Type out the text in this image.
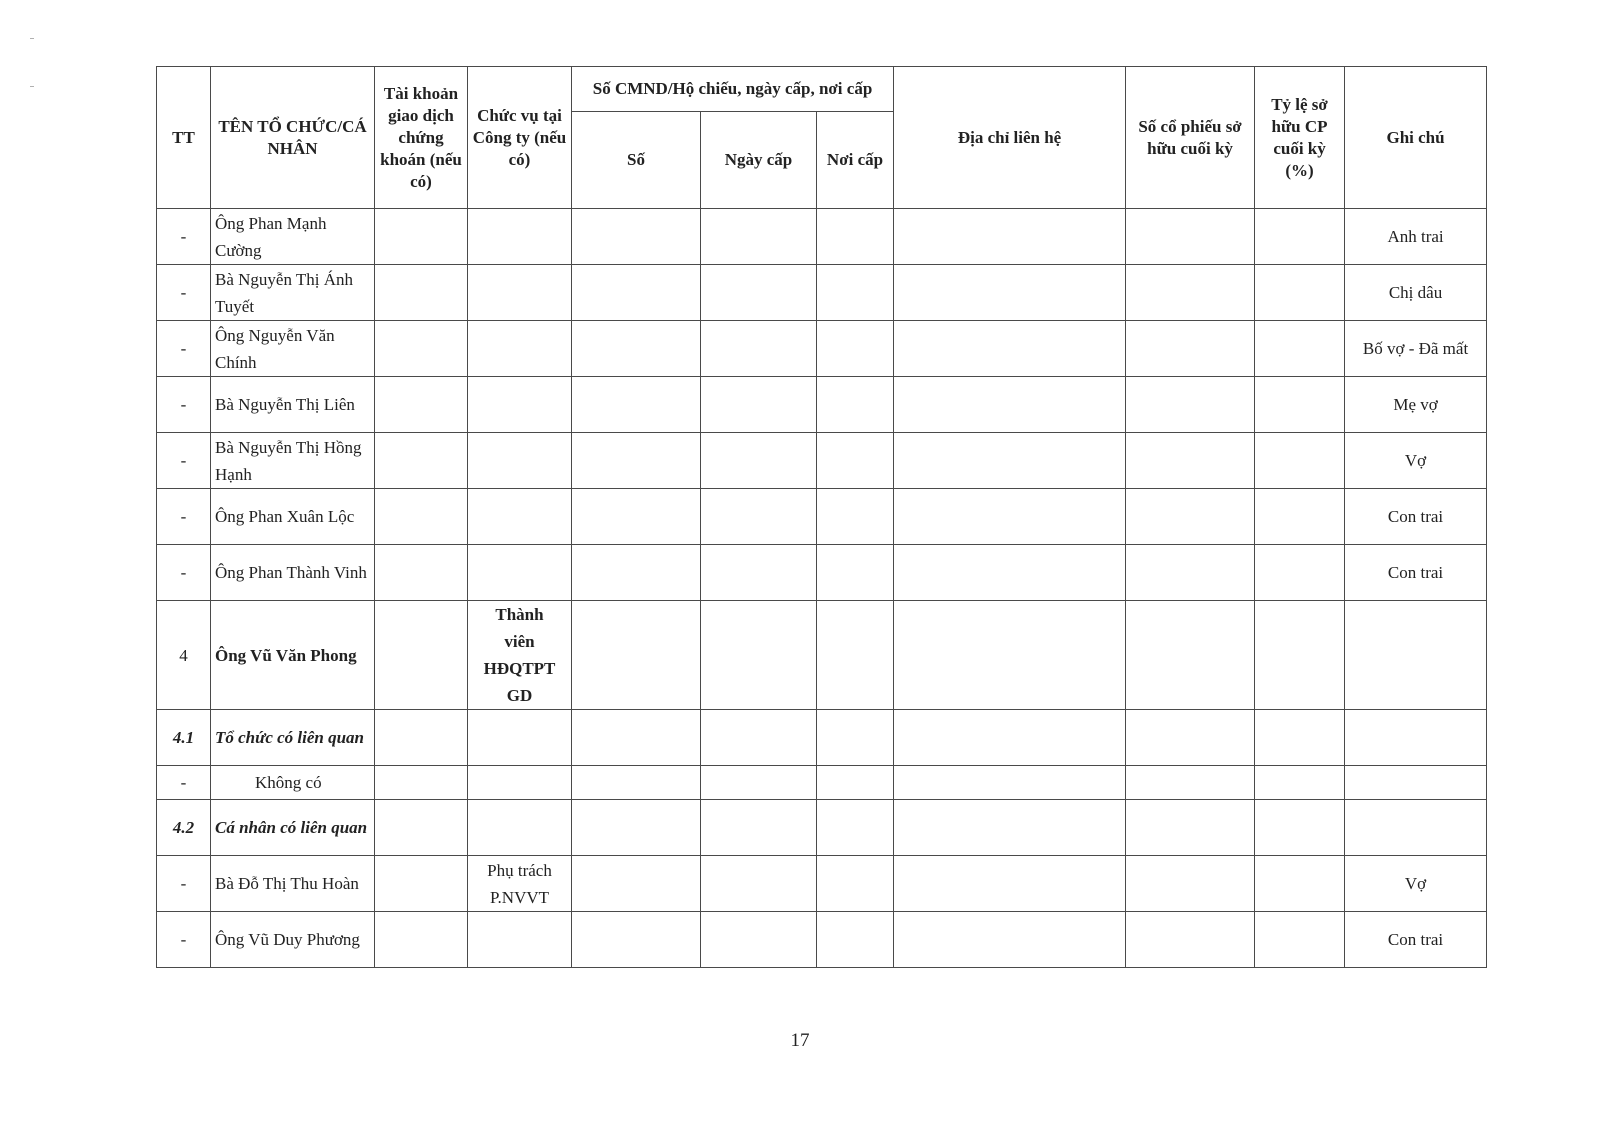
TT	TÊN TỔ CHỨC/CÁ NHÂN	Tài khoản giao dịch chứng khoán (nếu có)	Chức vụ tại Công ty (nếu có)	Số CMND/Hộ chiếu, ngày cấp, nơi cấp			Địa chỉ liên hệ	Số cổ phiếu sở hữu cuối kỳ	Tỷ lệ sở hữu CP cuối kỳ (%)	Ghi chú
				Số	Ngày cấp	Nơi cấp				
-	Ông Phan Mạnh Cường									Anh trai
-	Bà Nguyễn Thị Ánh Tuyết									Chị dâu
-	Ông Nguyễn Văn Chính									Bố vợ - Đã mất
-	Bà Nguyễn Thị Liên									Mẹ vợ
-	Bà Nguyễn Thị Hồng Hạnh									Vợ
-	Ông Phan Xuân Lộc									Con trai
-	Ông Phan Thành Vinh									Con trai
4	Ông Vũ Văn Phong		Thành viên HĐQTPT GD							
4.1	Tổ chức có liên quan									
-	Không có									
4.2	Cá nhân có liên quan									
-	Bà Đỗ Thị Thu Hoàn		Phụ trách P.NVVT							Vợ
-	Ông Vũ Duy Phương									Con trai
17
